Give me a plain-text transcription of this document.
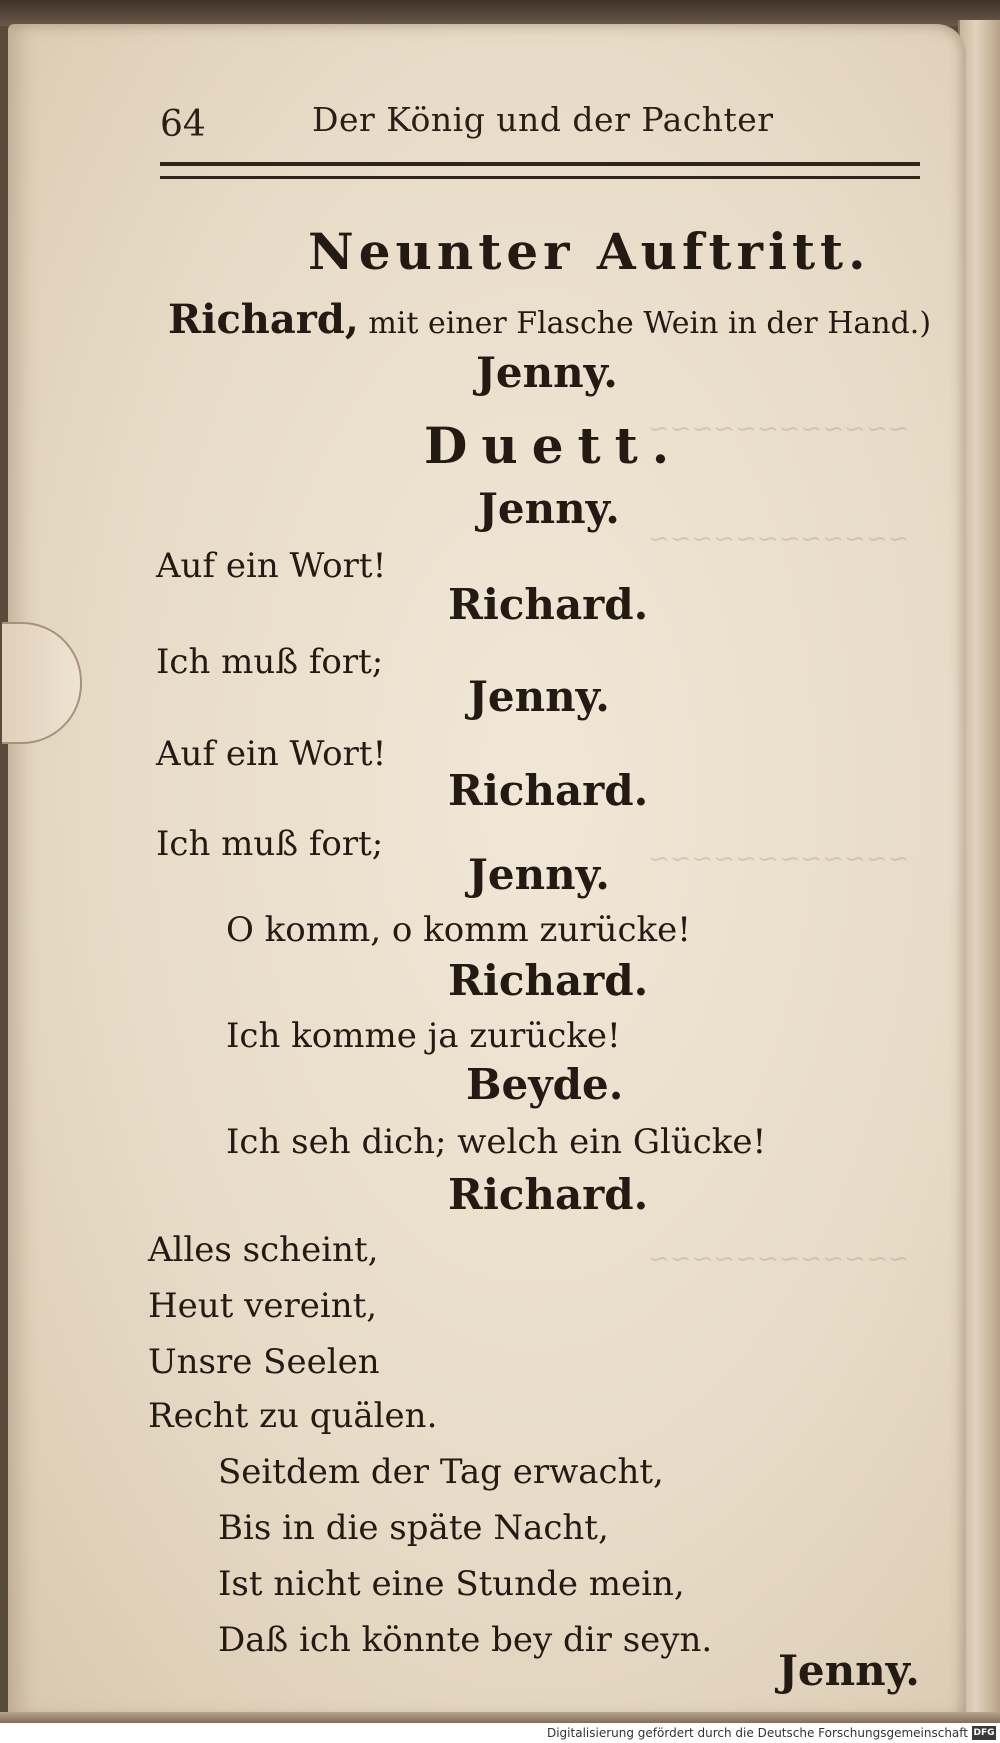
~~~~~~~~~~~~
~~~~~~~~~~~~
~~~~~~~~~~~~
~~~~~~~~~~~~
64	Der König und der Pachter
Neunter Auftritt.
Richard, mit einer Flasche Wein in der Hand.)
Jenny.
Duett.
Jenny.
Auf ein Wort!
Richard.
Ich muß fort;
Jenny.
Auf ein Wort!
Richard.
Ich muß fort;
Jenny.
O komm, o komm zurücke!
Richard.
Ich komme ja zurücke!
Beyde.
Ich seh dich; welch ein Glücke!
Richard.
Alles scheint,
Heut vereint,
Unsre Seelen
Recht zu quälen.
Seitdem der Tag erwacht,
Bis in die späte Nacht,
Ist nicht eine Stunde mein,
Daß ich könnte bey dir seyn.
Jenny.
Digitalisierung gefördert durch die Deutsche Forschungsgemeinschaft DFG
